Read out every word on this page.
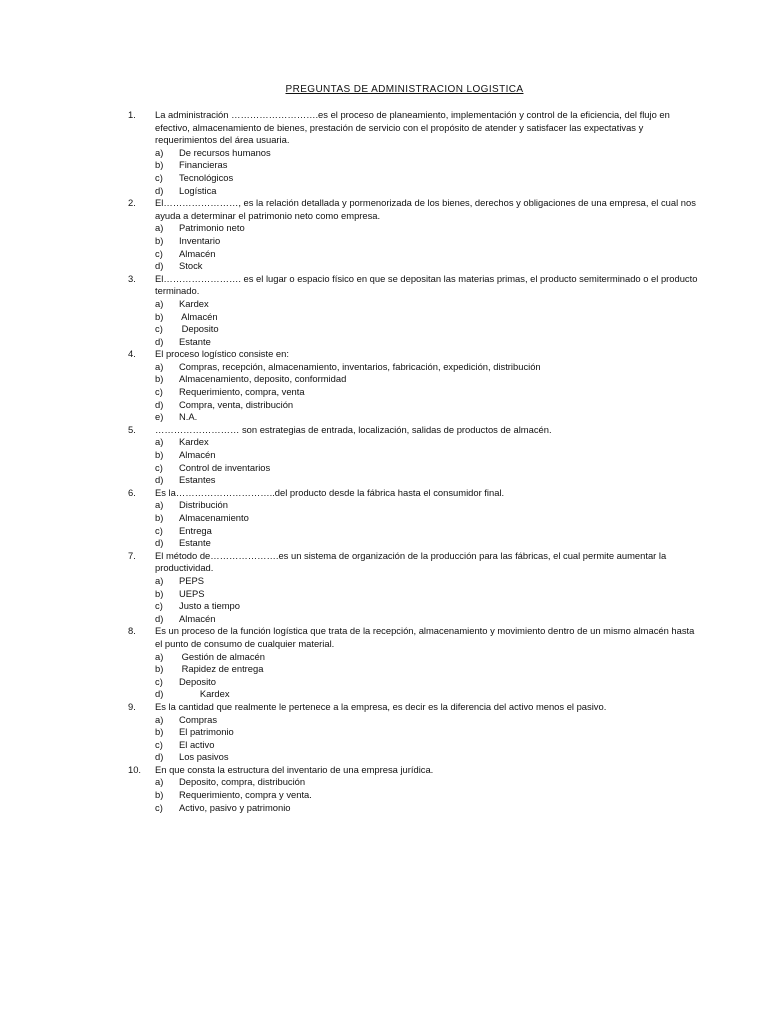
PREGUNTAS DE ADMINISTRACION LOGISTICA
1. La administración ……………………….es el proceso de planeamiento, implementación y control de la eficiencia, del flujo en efectivo, almacenamiento de bienes, prestación de servicio con el propósito de atender y satisfacer las expectativas y requerimientos del área usuaria.
a) De recursos humanos
b) Financieras
c) Tecnológicos
d) Logística
2. El……………………, es la relación detallada y pormenorizada de los bienes, derechos y obligaciones de una empresa, el cual nos ayuda a determinar el patrimonio neto como empresa.
a) Patrimonio neto
b) Inventario
c) Almacén
d) Stock
3. El……………………. es el lugar o espacio físico en que se depositan las materias primas, el producto semiterminado o el producto terminado.
a) Kardex
b) Almacén
c) Deposito
d) Estante
4. El proceso logístico consiste en:
a) Compras, recepción, almacenamiento, inventarios, fabricación, expedición, distribución
b) Almacenamiento, deposito, conformidad
c) Requerimiento, compra, venta
d) Compra, venta, distribución
e) N.A.
5. ……………………… son estrategias de entrada, localización, salidas de productos de almacén.
a) Kardex
b) Almacén
c) Control de inventarios
d) Estantes
6. Es la…………………………..del producto desde la fábrica hasta el consumidor final.
a) Distribución
b) Almacenamiento
c) Entrega
d) Estante
7. El método de………………….es un sistema de organización de la producción para las fábricas, el cual permite aumentar la productividad.
a) PEPS
b) UEPS
c) Justo a tiempo
d) Almacén
8. Es un proceso de la función logística que trata de la recepción, almacenamiento y movimiento dentro de un mismo almacén hasta el punto de consumo de cualquier material.
a) Gestión de almacén
b) Rapidez de entrega
c) Deposito
d) Kardex
9. Es la cantidad que realmente le pertenece a la empresa, es decir es la diferencia del activo menos el pasivo.
a) Compras
b) El patrimonio
c) El activo
d) Los pasivos
10. En que consta la estructura del inventario de una empresa jurídica.
a) Deposito, compra, distribución
b) Requerimiento, compra y venta.
c) Activo, pasivo y patrimonio
